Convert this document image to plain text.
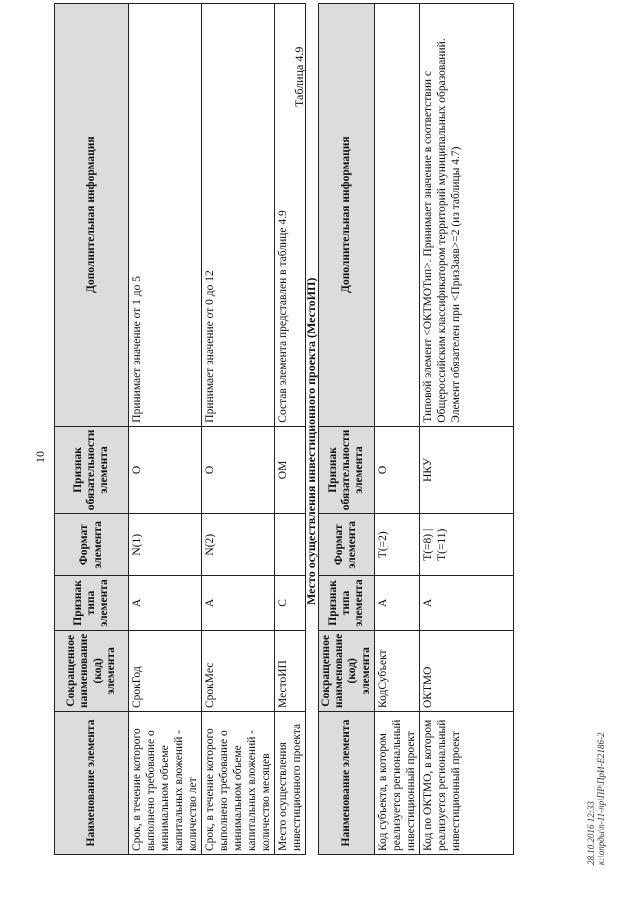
10
Наименование элемента	Сокращенное наименование (код) элемента	Признак типа элемента	Формат элемента	Признак обязательности элемента	Дополнительная информация
Срок, в течение которого выполнено требование о минимальном объеме капитальных вложений - количество лет	СрокГод	А	N(1)	О	Принимает значение от 1 до 5
Срок, в течение которого выполнено требование о минимальном объеме капитальных вложений - количество месяцев	СрокМес	А	N(2)	О	Принимает значение от 0 до 12
Место осуществления инвестиционного проекта	МестоИП	С		ОМ	Состав элемента представлен в таблице 4.9
Таблица 4.9
Место осуществления инвестиционного проекта (МестоИП)
Наименование элемента	Сокращенное наименование (код) элемента	Признак типа элемента	Формат элемента	Признак обязательности элемента	Дополнительная информация
Код субъекта, в котором реализуется региональный инвестиционный проект	КодСубъект	А	T(=2)	О	
Код по ОКТМО, в котором реализуется региональный инвестиционный проект	ОКТМО	А	T(=8) | T(=11)	НКУ	Типовой элемент <ОКТМОТип>. Принимает значение в соответствии с Общероссийским классификатором территорий муниципальных образований. Элемент обязателен при <ПризЗаяв>=2 (из таблицы 4.7)
28.10.2016 12:33 к:\опрды\п-11-пр\ПР\ПрИ-Е2186-2
